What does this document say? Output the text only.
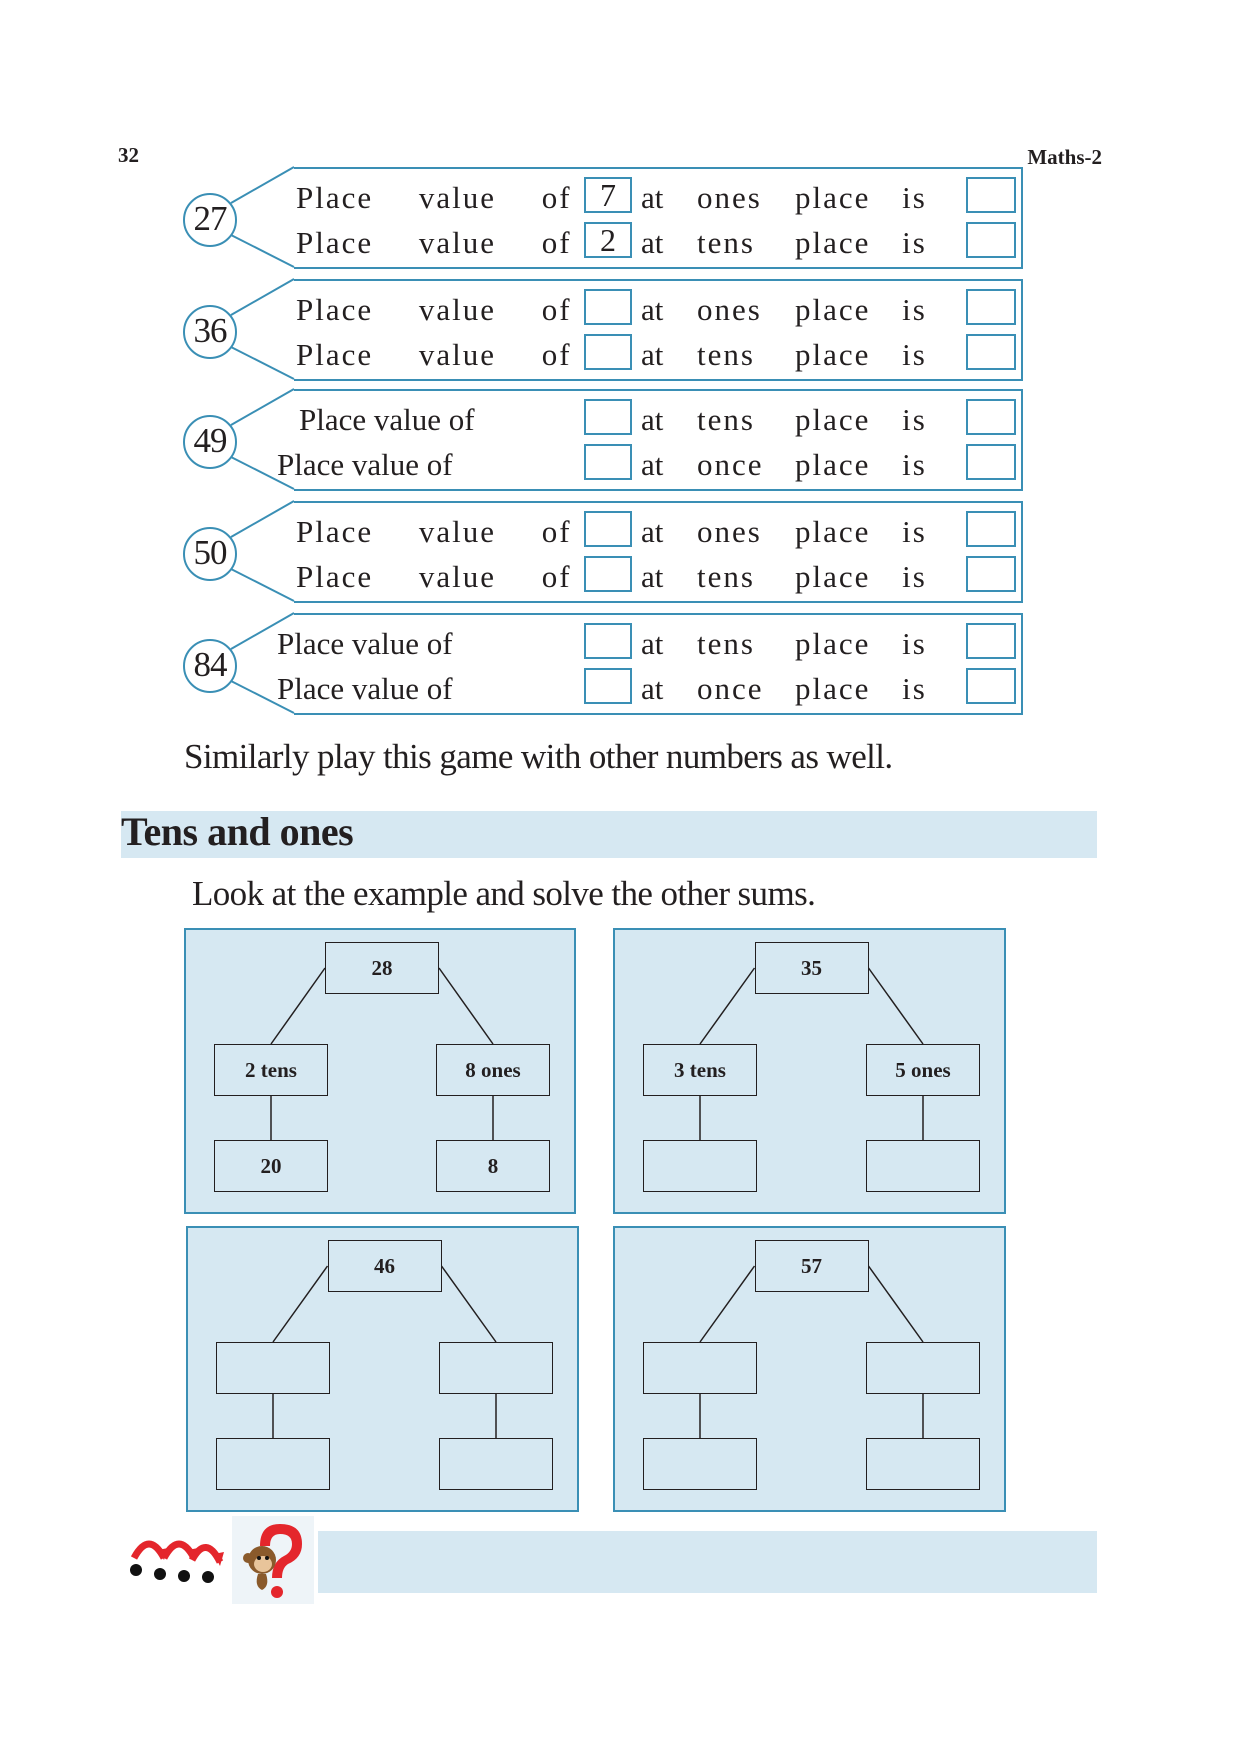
32	Maths-2
27
Place value of 7 at ones place is
Place value of 2 at tens place is
36
Place value of at ones place is
Place value of at tens place is
49
Place value of	at tens place is
Place value of	at once place is
50
Place value of at ones place is
Place value of at tens place is
84
Place value of	at tens place is
Place value of	at once place is
Similarly play this game with other numbers as well.
Tens and ones
Look at the example and solve the other sums.
28
2 tens	8 ones
20	8
35
3 tens	5 ones
46	57
